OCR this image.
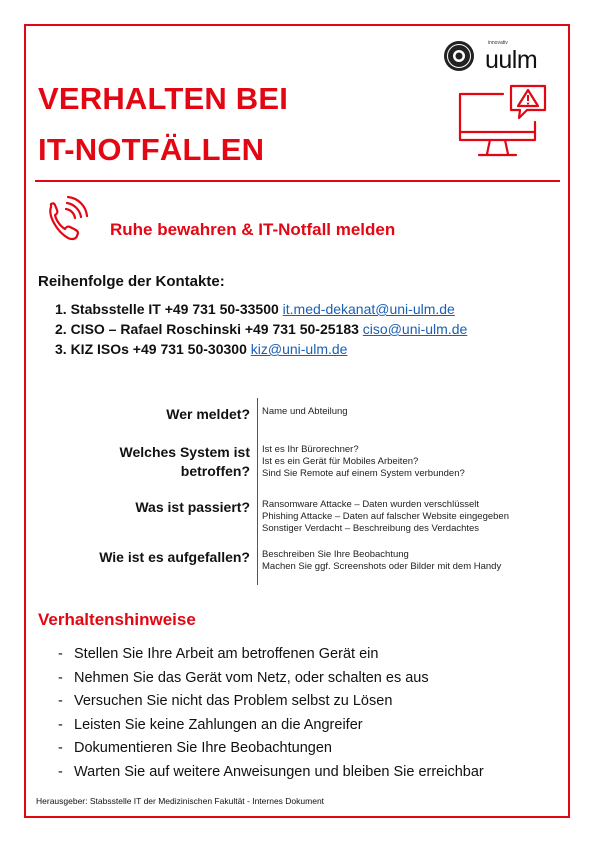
VERHALTEN BEI
IT-NOTFÄLLEN
innovativ
uulm
Ruhe bewahren & IT-Notfall melden
Reihenfolge der Kontakte:
1. Stabsstelle IT +49 731 50-33500 it.med-dekanat@uni-ulm.de
2. CISO – Rafael Roschinski +49 731 50-25183 ciso@uni-ulm.de
3. KIZ ISOs +49 731 50-30300 kiz@uni-ulm.de
Wer meldet? Name und Abteilung
Welches System ist
betroffen?
Ist es Ihr Bürorechner?
Ist es ein Gerät für Mobiles Arbeiten?
Sind Sie Remote auf einem System verbunden?
Was ist passiert? Ransomware Attacke – Daten wurden verschlüsselt
Phishing Attacke – Daten auf falscher Website eingegeben
Sonstiger Verdacht – Beschreibung des Verdachtes
Wie ist es aufgefallen? Beschreiben Sie Ihre Beobachtung
Machen Sie ggf. Screenshots oder Bilder mit dem Handy
Verhaltenshinweise
- Stellen Sie Ihre Arbeit am betroffenen Gerät ein
- Nehmen Sie das Gerät vom Netz, oder schalten es aus
- Versuchen Sie nicht das Problem selbst zu Lösen
- Leisten Sie keine Zahlungen an die Angreifer
- Dokumentieren Sie Ihre Beobachtungen
- Warten Sie auf weitere Anweisungen und bleiben Sie erreichbar
Herausgeber: Stabsstelle IT der Medizinischen Fakultät - Internes Dokument
